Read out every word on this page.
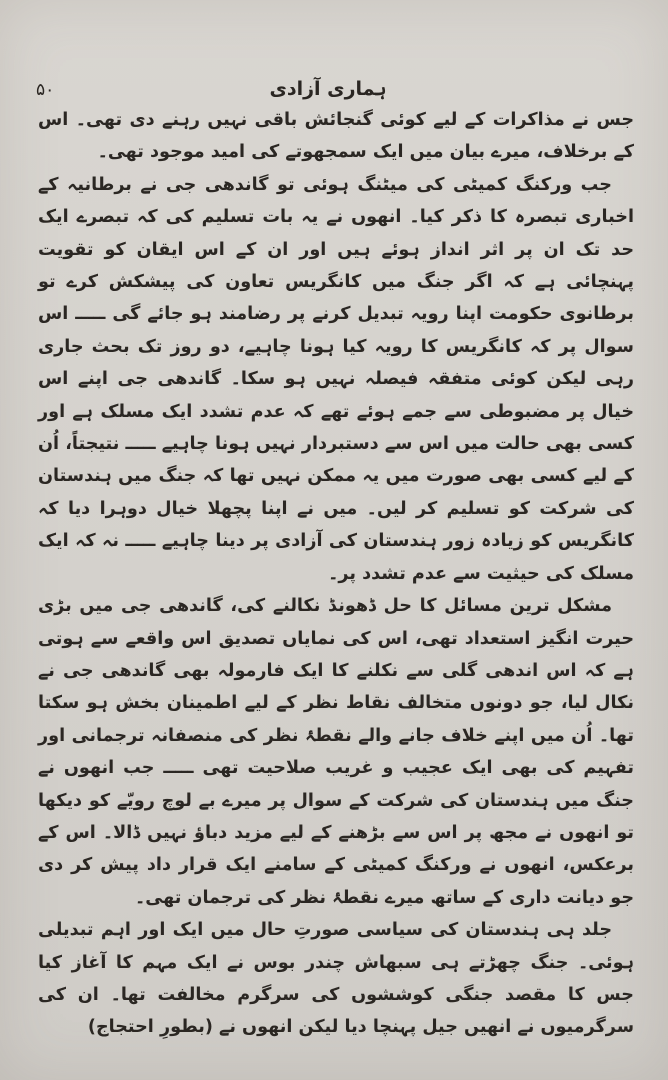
۵۰	ہماری آزادی

جس نے مذاکرات کے لیے کوئی گنجائش باقی نہیں رہنے دی تھی۔ اس کے برخلاف، میرے بیان میں ایک سمجھوتے کی امید موجود تھی۔

جب ورکنگ کمیٹی کی میٹنگ ہوئی تو گاندھی جی نے برطانیہ کے اخباری تبصرہ کا ذکر کیا۔ انھوں نے یہ بات تسلیم کی کہ تبصرے ایک حد تک ان پر اثر انداز ہوئے ہیں اور ان کے اس ایقان کو تقویت پہنچائی ہے کہ اگر جنگ میں کانگریس تعاون کی پیشکش کرے تو برطانوی حکومت اپنا رویہ تبدیل کرنے پر رضامند ہو جائے گی ـــــ اس سوال پر کہ کانگریس کا رویہ کیا ہونا چاہیے، دو روز تک بحث جاری رہی لیکن کوئی متفقہ فیصلہ نہیں ہو سکا۔ گاندھی جی اپنے اس خیال پر مضبوطی سے جمے ہوئے تھے کہ عدم تشدد ایک مسلک ہے اور کسی بھی حالت میں اس سے دستبردار نہیں ہونا چاہیے ـــــ نتیجتاً، اُن کے لیے کسی بھی صورت میں یہ ممکن نہیں تھا کہ جنگ میں ہندستان کی شرکت کو تسلیم کر لیں۔ میں نے اپنا پچھلا خیال دوہرا دیا کہ کانگریس کو زیادہ زور ہندستان کی آزادی پر دینا چاہیے ـــــ نہ کہ ایک مسلک کی حیثیت سے عدم تشدد پر۔

مشکل ترین مسائل کا حل ڈھونڈ نکالنے کی، گاندھی جی میں بڑی حیرت انگیز استعداد تھی، اس کی نمایاں تصدیق اس واقعے سے ہوتی ہے کہ اس اندھی گلی سے نکلنے کا ایک فارمولہ بھی گاندھی جی نے نکال لیا، جو دونوں متخالف نقاط نظر کے لیے اطمینان بخش ہو سکتا تھا۔ اُن میں اپنے خلاف جانے والے نقطۂ نظر کی منصفانہ ترجمانی اور تفہیم کی بھی ایک عجیب و غریب صلاحیت تھی ـــــ جب انھوں نے جنگ میں ہندستان کی شرکت کے سوال پر میرے بے لوچ رویّے کو دیکھا تو انھوں نے مجھ پر اس سے بڑھنے کے لیے مزید دباؤ نہیں ڈالا۔ اس کے برعکس، انھوں نے ورکنگ کمیٹی کے سامنے ایک قرار داد پیش کر دی جو دیانت داری کے ساتھ میرے نقطۂ نظر کی ترجمان تھی۔

جلد ہی ہندستان کی سیاسی صورتِ حال میں ایک اور اہم تبدیلی ہوئی۔ جنگ چھڑتے ہی سبھاش چندر بوس نے ایک مہم کا آغاز کیا جس کا مقصد جنگی کوششوں کی سرگرم مخالفت تھا۔ ان کی سرگرمیوں نے انھیں جیل پہنچا دیا لیکن انھوں نے (بطورِ احتجاج)
